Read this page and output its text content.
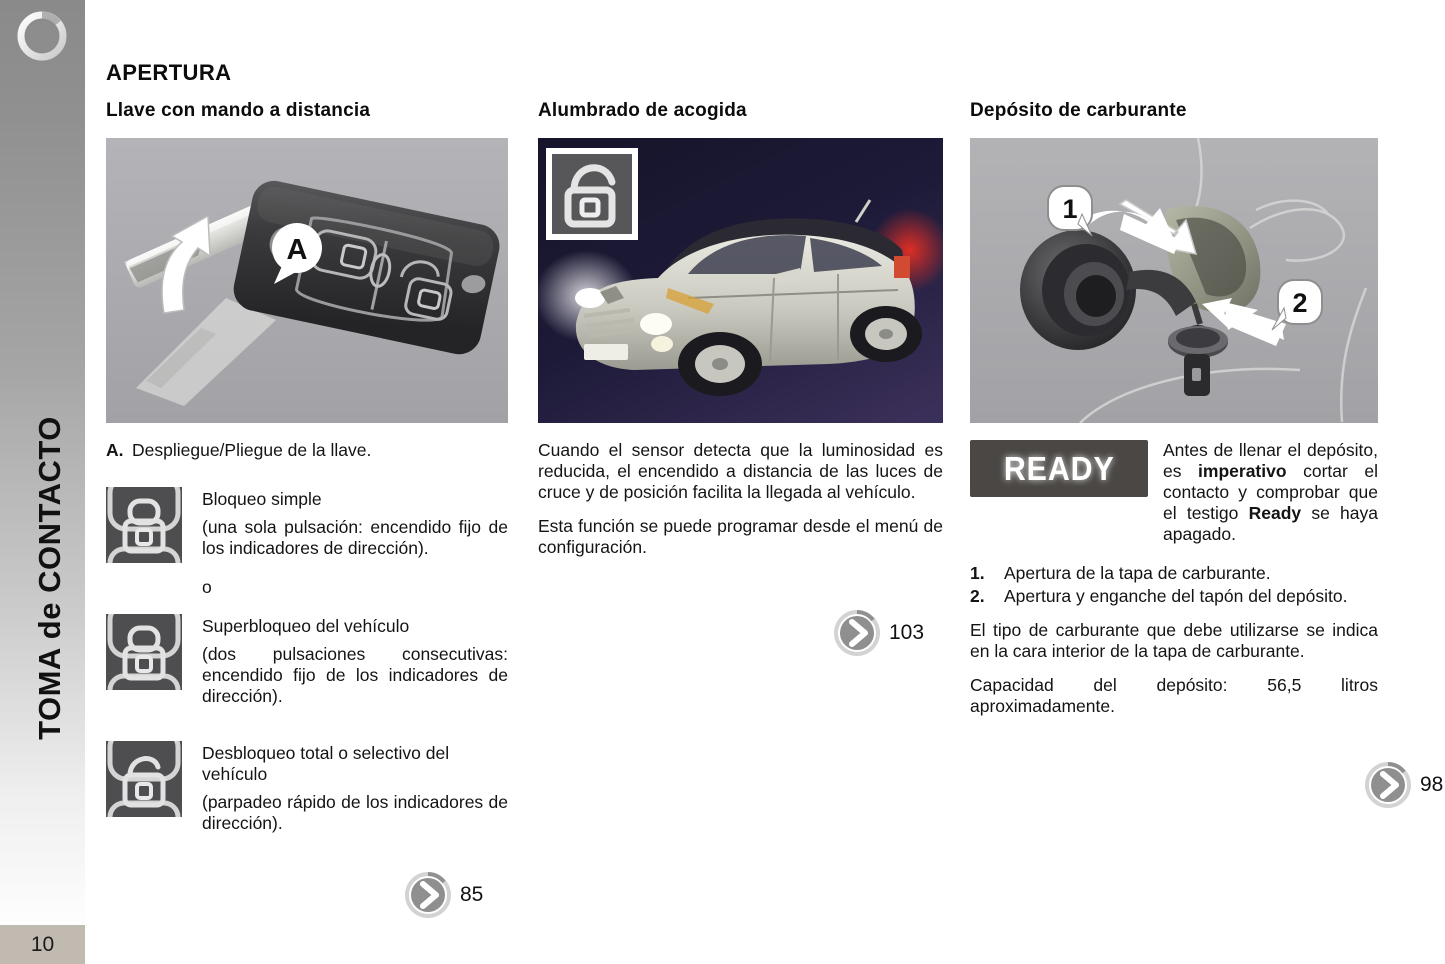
TOMA de CONTACTO
10
APERTURA
Llave con mando a distancia
A
A. Despliegue/Pliegue de la llave.

Bloqueo simple

(una sola pulsación: encendido fijo de los indicadores de dirección).

o

Superbloqueo del vehículo

(dos pulsaciones consecutivas: encendido fijo de los indicadores de dirección).

Desbloqueo total o selectivo del vehículo

(parpadeo rápido de los indicadores de dirección).

85
Alumbrado de acogida

Cuando el sensor detecta que la luminosidad es reducida, el encendido a distancia de las luces de cruce y de posición facilita la llegada al vehículo.

Esta función se puede programar desde el menú de configuración.

103
Depósito de carburante
1
2
READY	Antes de llenar el depósito, es imperativo cortar el contacto y comprobar que el testigo Ready se haya apagado.
1.	Apertura de la tapa de carburante.
2.	Apertura y enganche del tapón del depósito.

El tipo de carburante que debe utilizarse se indica en la cara interior de la tapa de carburante.

Capacidad del depósito: 56,5 litros aproximadamente.

98
